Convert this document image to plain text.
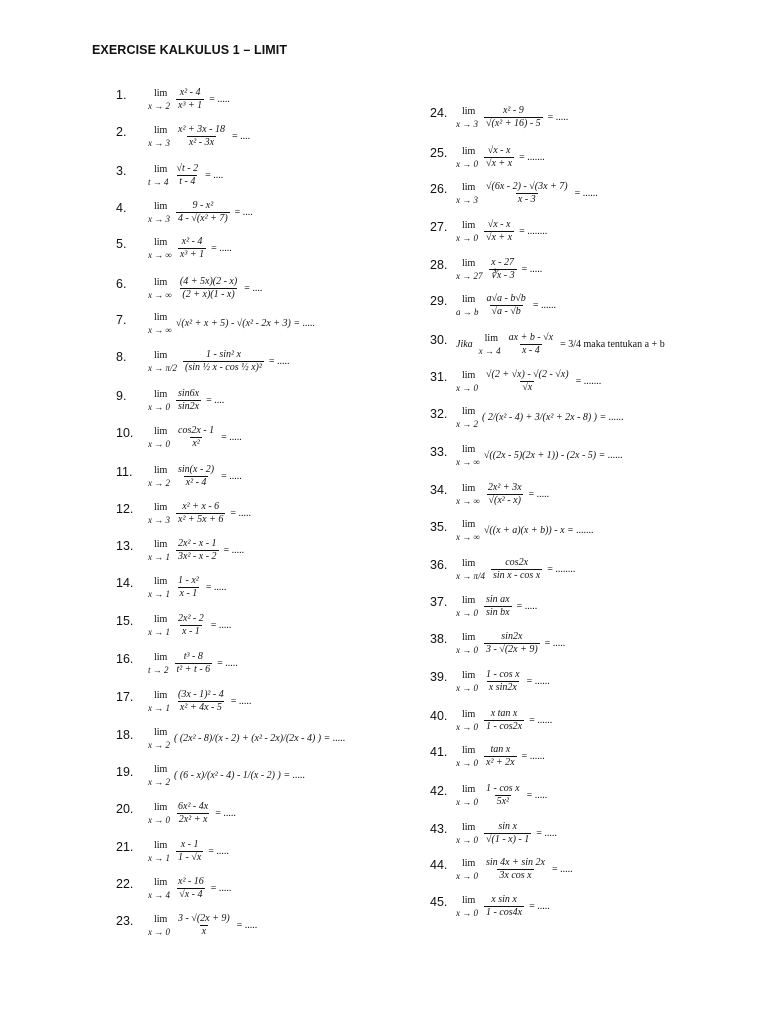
EXERCISE KALKULUS 1 – LIMIT
1.	lim
$x \to 2 \frac{\text{x² - 4}}{\text{x³ + 1}}$ = .....
2.	lim
$x \to 3 \frac{\text{x² + 3x - 18}}{\text{x² - 3x}}$ = ....
3.	lim
$t \to 4 \frac{√t - 2}{t - 4}$ = ....
4.	lim
$x \to 3 \frac{\text{9 - x²}}{\text{4 - √(x² + 7)}}$ = ....
5.	lim
x → ∞ $\frac{\text{x² - 4}}{\text{x³ + 1}}$ = .....
6.	lim
x → ∞ $\frac{(4 + 5x)(2 - x)}{(2 + x)(1 - x)}$ = ....
7.	lim
x → ∞
√(x² + x + 5) - √(x² - 2x + 3) = .....
8.	lim
$x \to \pi/2 \frac{\text{1 - sin² x}}{\text{(sin ½ x - cos ½ x)²}}$ = .....
9.	lim
$x \to 0 \frac{\sin 6x}{\sin 2x}$ = ....
10.	lim
$x \to 0 \frac{\cos 2x - 1}{\text{x²}}$ = .....
11.	lim
$x \to 2 \frac{\sin(x - 2)}{\text{x² - 4}}$ = .....
12.	lim
$x \to 3 \frac{\text{x² + x - 6}}{\text{x² + 5x + 6}}$ = .....
13.	lim
$x \to 1 \frac{\text{2x² - x - 1}}{\text{3x² - x - 2}}$ = .....
14.	lim
$x \to 1 \frac{\text{1 - x²}}{x - 1}$ = .....
15.	lim
$x \to 1 \frac{\text{2x² - 2}}{x - 1}$ = .....
16.	lim
$t \to 2 \frac{\text{t³ - 8}}{\text{t² + t - 6}}$ = .....
17.	lim
$x \to 1 \frac{\text{(3x - 1)² - 4}}{\text{x² + 4x - 5}}$ = .....
18.	lim
x → 2
( (2x² - 8)/(x - 2) + (x² - 2x)/(2x - 4) ) = .....
19.	lim
x → 2
( (6 - x)/(x² - 4) - 1/(x - 2) ) = .....
20.	lim
$x \to 0 \frac{\text{6x² - 4x}}{\text{2x² + x}}$ = .....
21.	lim
$x \to 1 \frac{x - 1}{1 - √x}$ = .....
22.	lim
$x \to 4 \frac{\text{x² - 16}}{√x - 4}$ = .....
23.	lim
$x \to 0 \frac{3 - √(2x + 9)}{x}$ = .....
24.	lim
$x \to 3 \frac{\text{x² - 9}}{\text{√(x² + 16) - 5}}$ = .....
25.	lim
$x \to 0 \frac{√x - x}{√x + x}$ = .......
26.	lim
$x \to 3 \frac{√(6x - 2) - √(3x + 7)}{x - 3}$ = ......
27.	lim
$x \to 0 \frac{√x - x}{√x + x}$ = ........
28.	lim
$x \to 27 \frac{x - 27}{∛x - 3}$ = .....
29.	lim
a → b $\frac{a√a - b√b}{√a - √b}$ = ......
30. Jika
lim
$x \to 4 \frac{ax + b - √x}{x - 4} = 3/4$ maka tentukan a + b
31.	lim
$x \to 0 \frac{√(2 + √x) - √(2 - √x)}{√x}$ = .......
32.	lim
x → 2
( 2/(x² - 4) + 3/(x² + 2x - 8) ) = ......
33.	lim
x → ∞
√((2x - 5)(2x + 1)) - (2x - 5) = ......
34.	lim
x → ∞ $\frac{\text{2x² + 3x}}{\text{√(x² - x)}}$ = .....
35.	lim
x → ∞
√((x + a)(x + b)) - x = .......
36.	lim
$x \to \pi/4 \frac{\cos 2x}{\text{sin x - cos x}}$ = ........
37.	lim
$x \to 0 \frac{\text{sin ax}}{\text{sin bx}}$ = .....
38.	lim
$x \to 0 \frac{\sin 2x}{3 - √(2x + 9)}$ = .....
39.	lim
$x \to 0 \frac{\text{1 - cos x}}{\text{x sin2x}}$ = ......
40.	lim
$x \to 0 \frac{\text{x tan x}}{1 - \cos 2x}$ = ......
41.	lim
$x \to 0 \frac{\text{tan x}}{\text{x² + 2x}}$ = ......
42.	lim
$x \to 0 \frac{\text{1 - cos x}}{\text{5x²}}$ = .....
43.	lim
$x \to 0 \frac{\text{sin x}}{√(1 - x) - 1}$ = .....
44.	lim
$x \to 0 \frac{\sin 4x + \sin 2x}{\text{3x cos x}}$ = .....
45.	lim
$x \to 0 \frac{\text{x sin x}}{1 - \cos 4x}$ = .....
